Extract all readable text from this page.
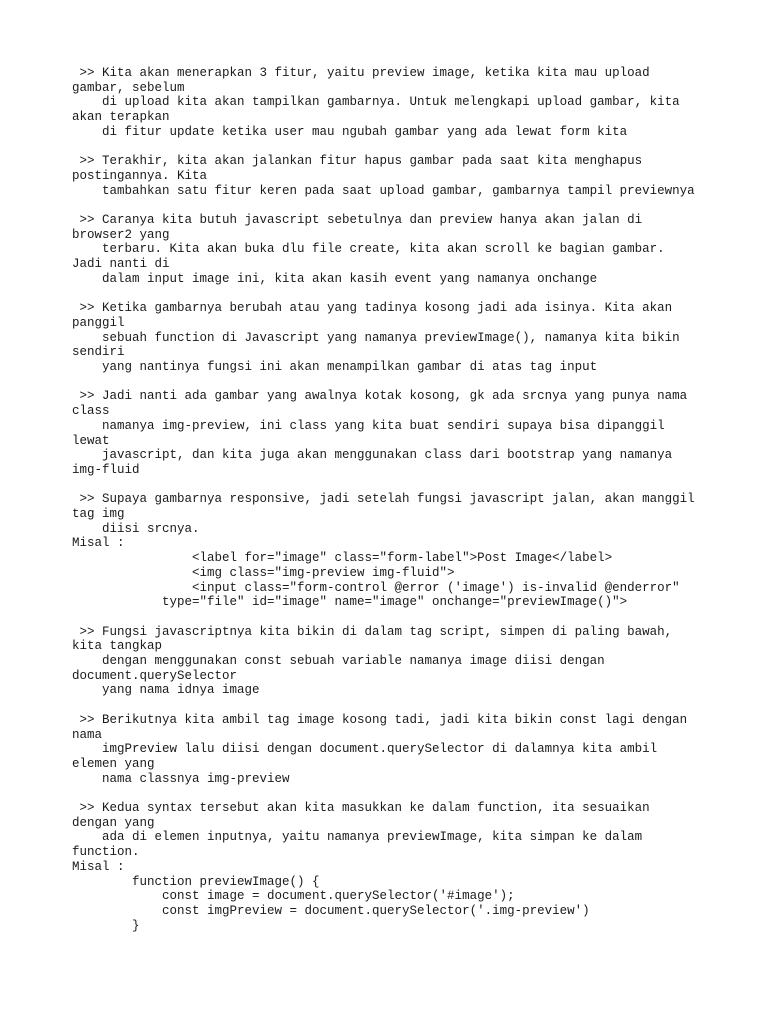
>> Kita akan menerapkan 3 fitur, yaitu preview image, ketika kita mau upload
gambar, sebelum
di upload kita akan tampilkan gambarnya. Untuk melengkapi upload gambar, kita
akan terapkan
di fitur update ketika user mau ngubah gambar yang ada lewat form kita
>> Terakhir, kita akan jalankan fitur hapus gambar pada saat kita menghapus
postingannya. Kita
tambahkan satu fitur keren pada saat upload gambar, gambarnya tampil previewnya
>> Caranya kita butuh javascript sebetulnya dan preview hanya akan jalan di
browser2 yang
terbaru. Kita akan buka dlu file create, kita akan scroll ke bagian gambar.
Jadi nanti di
dalam input image ini, kita akan kasih event yang namanya onchange
>> Ketika gambarnya berubah atau yang tadinya kosong jadi ada isinya. Kita akan
panggil
sebuah function di Javascript yang namanya previewImage(), namanya kita bikin
sendiri
yang nantinya fungsi ini akan menampilkan gambar di atas tag input
>> Jadi nanti ada gambar yang awalnya kotak kosong, gk ada srcnya yang punya nama
class
namanya img-preview, ini class yang kita buat sendiri supaya bisa dipanggil
lewat
javascript, dan kita juga akan menggunakan class dari bootstrap yang namanya
img-fluid
>> Supaya gambarnya responsive, jadi setelah fungsi javascript jalan, akan manggil
tag img
diisi srcnya.
Misal :
<label for="image" class="form-label">Post Image</label>
<img class="img-preview img-fluid">
<input class="form-control @error ('image') is-invalid @enderror"
type="file" id="image" name="image" onchange="previewImage()">
>> Fungsi javascriptnya kita bikin di dalam tag script, simpen di paling bawah,
kita tangkap
dengan menggunakan const sebuah variable namanya image diisi dengan
document.querySelector
yang nama idnya image
>> Berikutnya kita ambil tag image kosong tadi, jadi kita bikin const lagi dengan
nama
imgPreview lalu diisi dengan document.querySelector di dalamnya kita ambil
elemen yang
nama classnya img-preview
>> Kedua syntax tersebut akan kita masukkan ke dalam function, ita sesuaikan
dengan yang
ada di elemen inputnya, yaitu namanya previewImage, kita simpan ke dalam
function.
Misal :
function previewImage() {
const image = document.querySelector('#image');
const imgPreview = document.querySelector('.img-preview')
}
